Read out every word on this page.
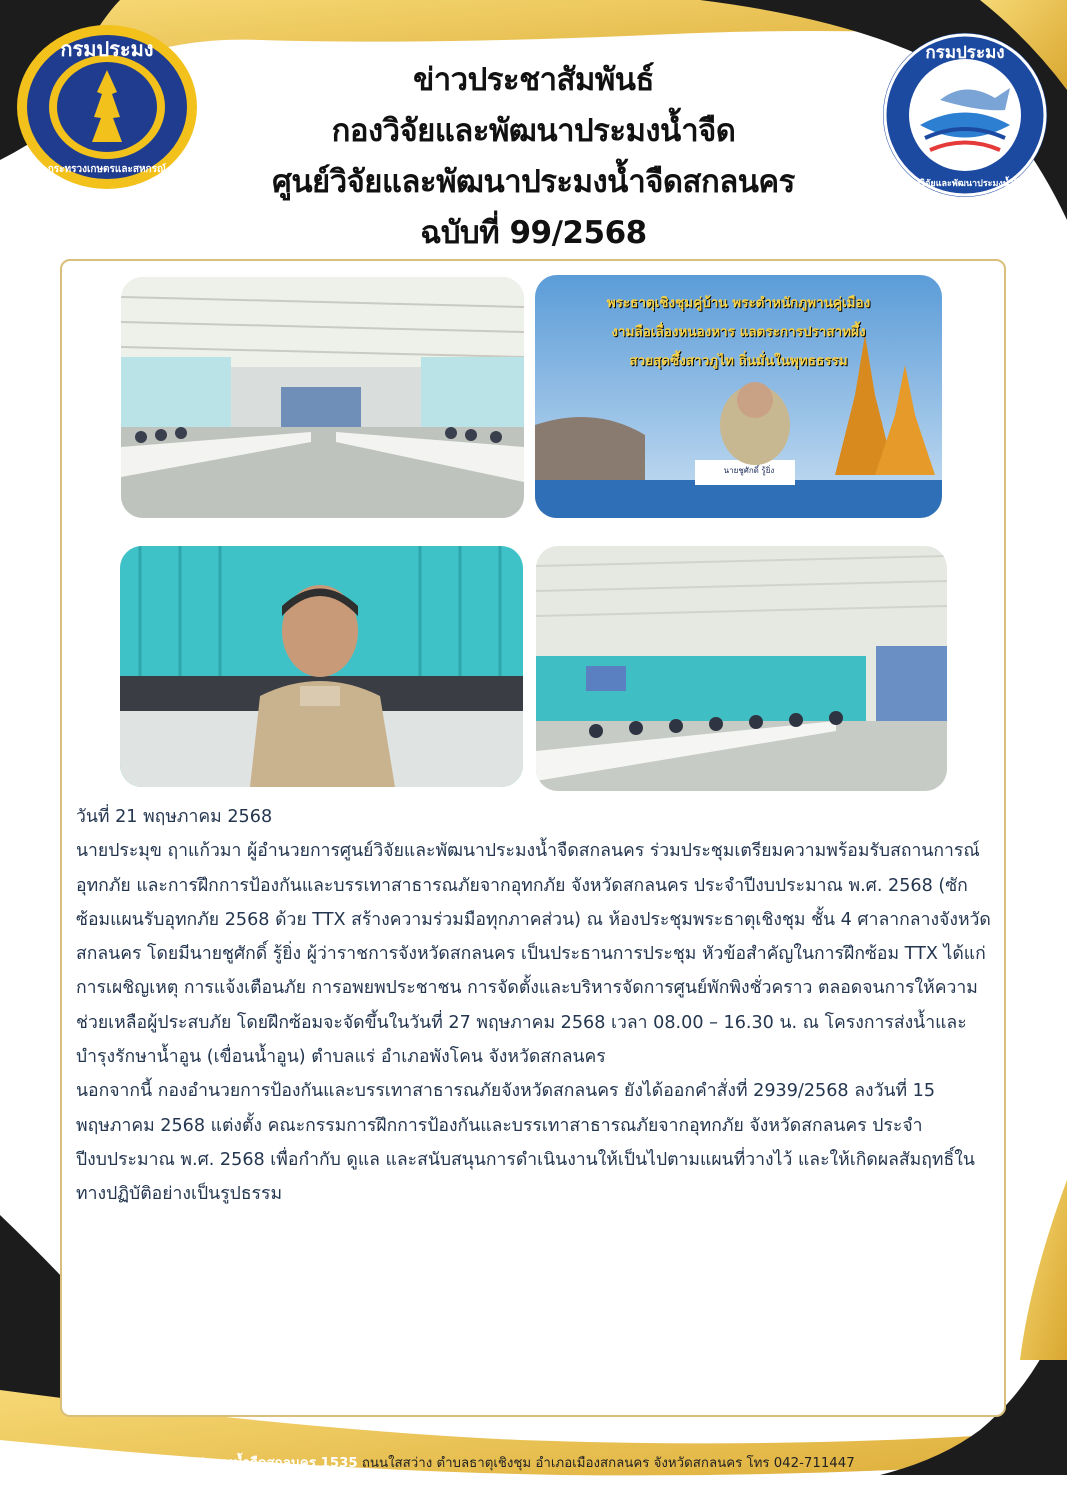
กรมประมง
กระทรวงเกษตรและสหกรณ์
กรมประมง
กองวิจัยและพัฒนาประมงน้ำจืด
ข่าวประชาสัมพันธ์
กองวิจัยและพัฒนาประมงน้ำจืด
ศูนย์วิจัยและพัฒนาประมงน้ำจืดสกลนคร
ฉบับที่ 99/2568
นายชูศักดิ์ รู้ยิ่ง
พระธาตุเชิงชุมคู่บ้าน พระตำหนักภูพานคู่เมือง
งามลือเลื่องหนองหาร แลตระการปราสาทผึ้ง
สวยสุดซึ้งสาวภูไท ถิ่นมั่นในพุทธธรรม

วันที่ 21 พฤษภาคม 2568

นายประมุข ฤาแก้วมา ผู้อำนวยการศูนย์วิจัยและพัฒนาประมงน้ำจืดสกลนคร ร่วมประชุมเตรียมความพร้อมรับสถานการณ์อุทกภัย และการฝึกการป้องกันและบรรเทาสาธารณภัยจากอุทกภัย จังหวัดสกลนคร ประจำปีงบประมาณ พ.ศ. 2568 (ซักซ้อมแผนรับอุทกภัย 2568 ด้วย TTX สร้างความร่วมมือทุกภาคส่วน) ณ ห้องประชุมพระธาตุเชิงชุม ชั้น 4 ศาลากลางจังหวัดสกลนคร โดยมีนายชูศักดิ์ รู้ยิ่ง ผู้ว่าราชการจังหวัดสกลนคร เป็นประธานการประชุม หัวข้อสำคัญในการฝึกซ้อม TTX ได้แก่ การเผชิญเหตุ การแจ้งเตือนภัย การอพยพประชาชน การจัดตั้งและบริหารจัดการศูนย์พักพิงชั่วคราว ตลอดจนการให้ความช่วยเหลือผู้ประสบภัย โดยฝึกซ้อมจะจัดขึ้นในวันที่ 27 พฤษภาคม 2568 เวลา 08.00 – 16.30 น. ณ โครงการส่งน้ำและบำรุงรักษาน้ำอูน (เขื่อนน้ำอูน) ตำบลแร่ อำเภอพังโคน จังหวัดสกลนคร

นอกจากนี้ กองอำนวยการป้องกันและบรรเทาสาธารณภัยจังหวัดสกลนคร ยังได้ออกคำสั่งที่ 2939/2568 ลงวันที่ 15 พฤษภาคม 2568 แต่งตั้ง คณะกรรมการฝึกการป้องกันและบรรเทาสาธารณภัยจากอุทกภัย จังหวัดสกลนคร ประจำปีงบประมาณ พ.ศ. 2568 เพื่อกำกับ ดูแล และสนับสนุนการดำเนินงานให้เป็นไปตามแผนที่วางไว้ และให้เกิดผลสัมฤทธิ์ในทางปฏิบัติอย่างเป็นรูปธรรม

ศูนย์วิจัยและพัฒนาประมงน้ำจืดสกลนคร 1535 ถนนใสสว่าง ตำบลธาตุเชิงชุม อำเภอเมืองสกลนคร จังหวัดสกลนคร โทร 042-711447
